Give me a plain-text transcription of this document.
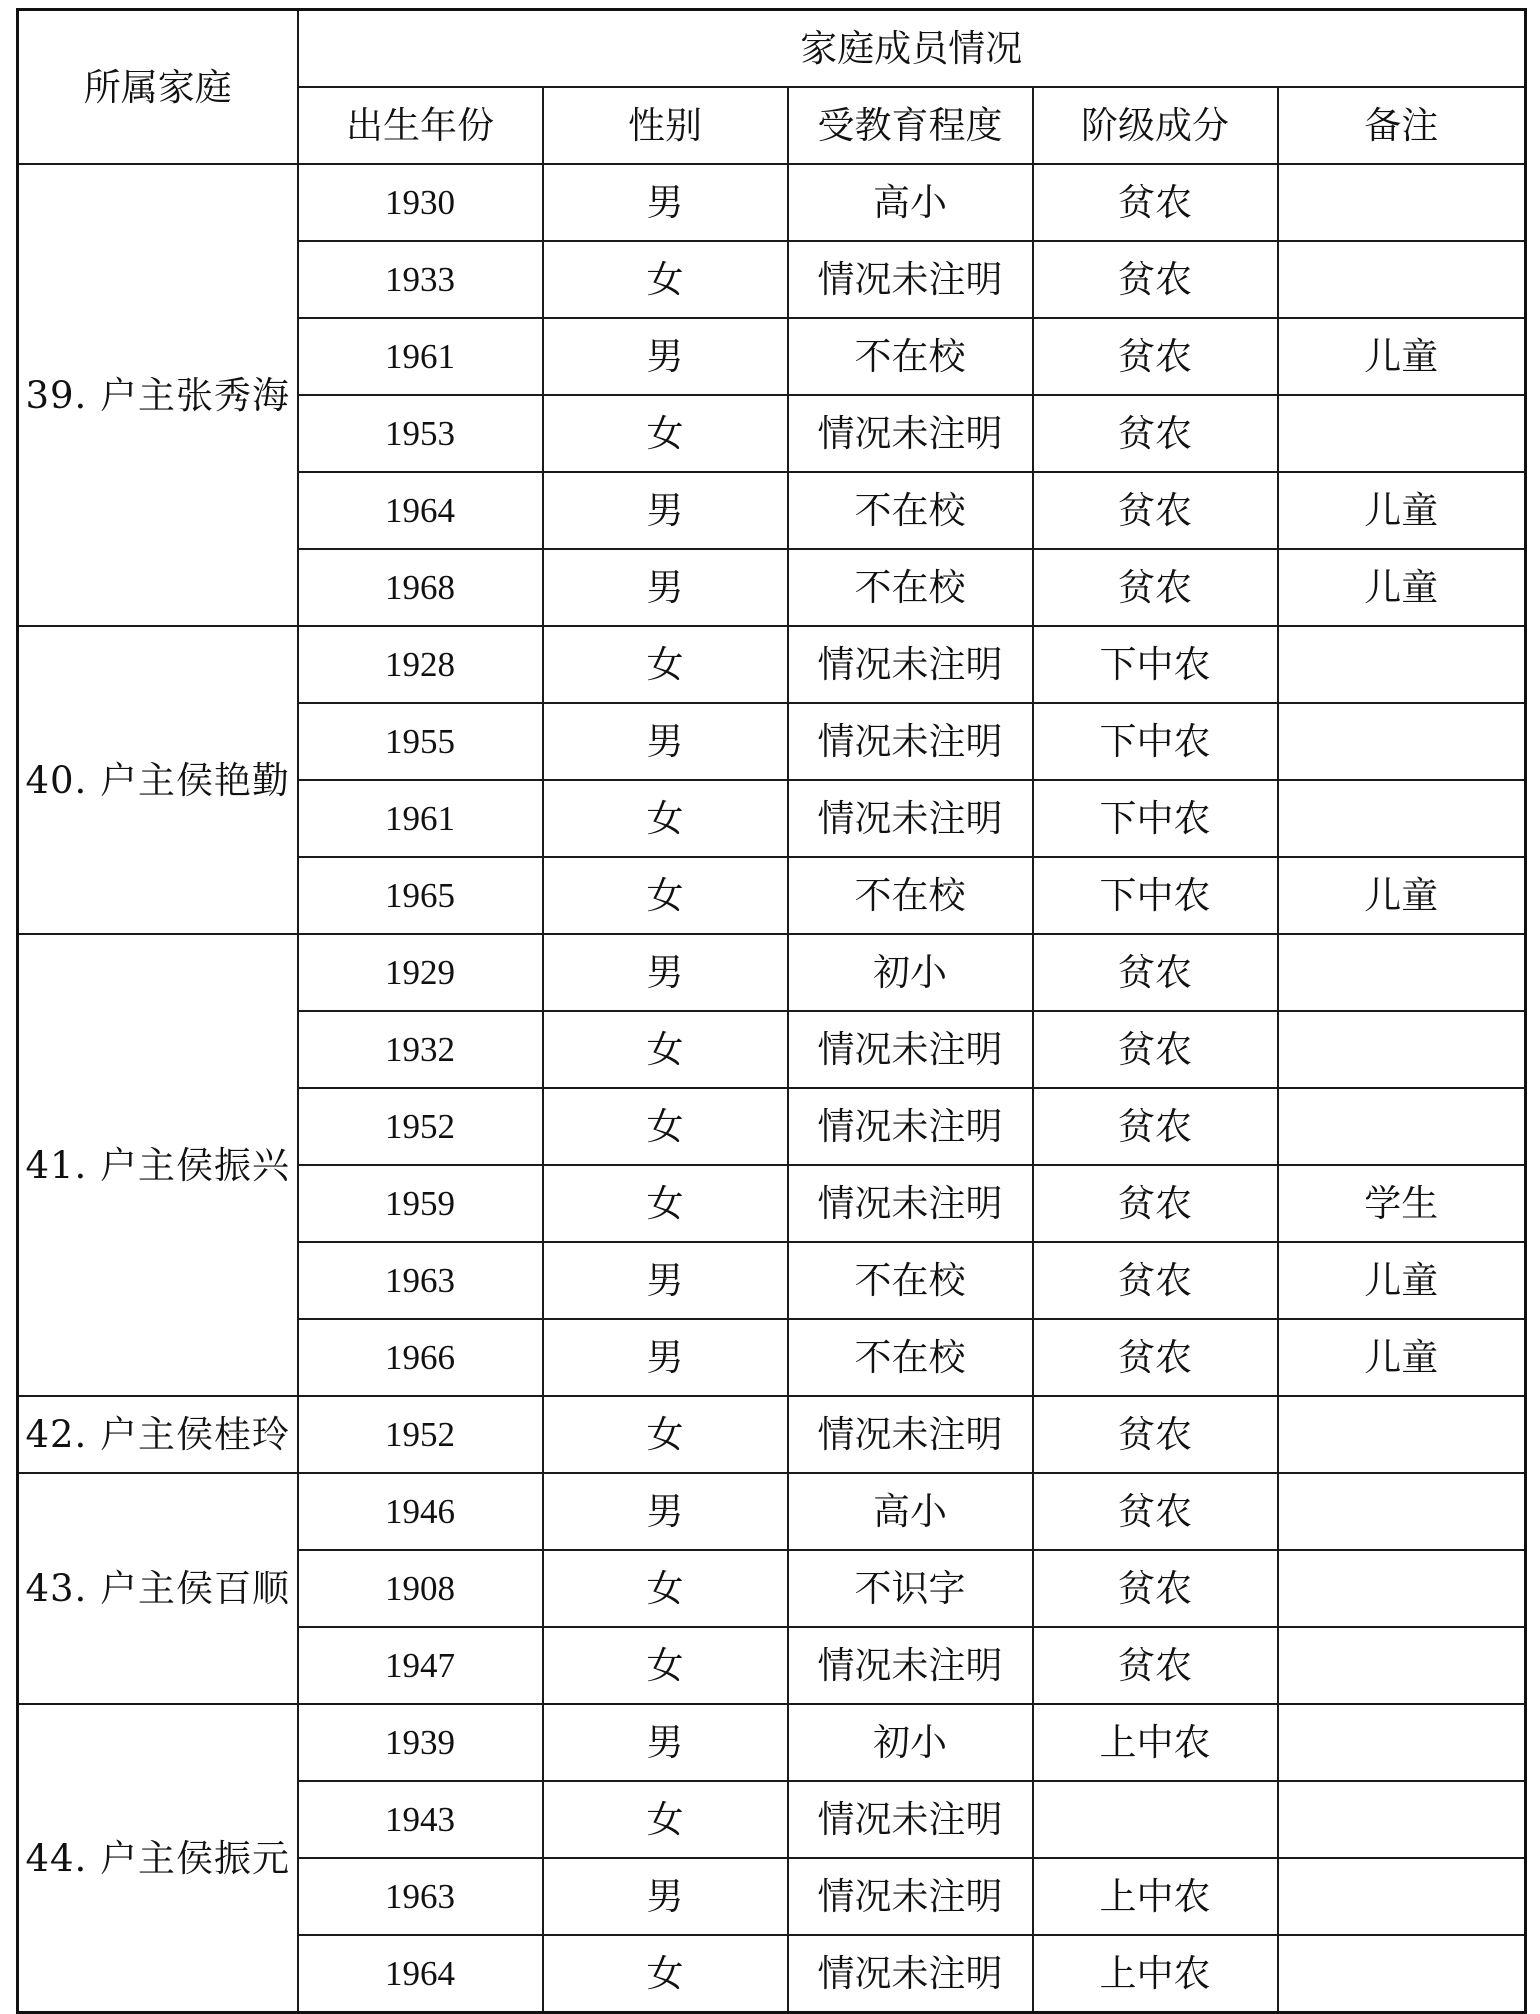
所属家庭	家庭成员情况				
	出生年份	性别	受教育程度	阶级成分	备注
39. 户主张秀海	1930	男	高小	贫农	
	1933	女	情况未注明	贫农	
	1961	男	不在校	贫农	儿童
	1953	女	情况未注明	贫农	
	1964	男	不在校	贫农	儿童
	1968	男	不在校	贫农	儿童
40. 户主侯艳勤	1928	女	情况未注明	下中农	
	1955	男	情况未注明	下中农	
	1961	女	情况未注明	下中农	
	1965	女	不在校	下中农	儿童
41. 户主侯振兴	1929	男	初小	贫农	
	1932	女	情况未注明	贫农	
	1952	女	情况未注明	贫农	
	1959	女	情况未注明	贫农	学生
	1963	男	不在校	贫农	儿童
	1966	男	不在校	贫农	儿童
42. 户主侯桂玲	1952	女	情况未注明	贫农	
43. 户主侯百顺	1946	男	高小	贫农	
	1908	女	不识字	贫农	
	1947	女	情况未注明	贫农	
44. 户主侯振元	1939	男	初小	上中农	
	1943	女	情况未注明		
	1963	男	情况未注明	上中农	
	1964	女	情况未注明	上中农	
